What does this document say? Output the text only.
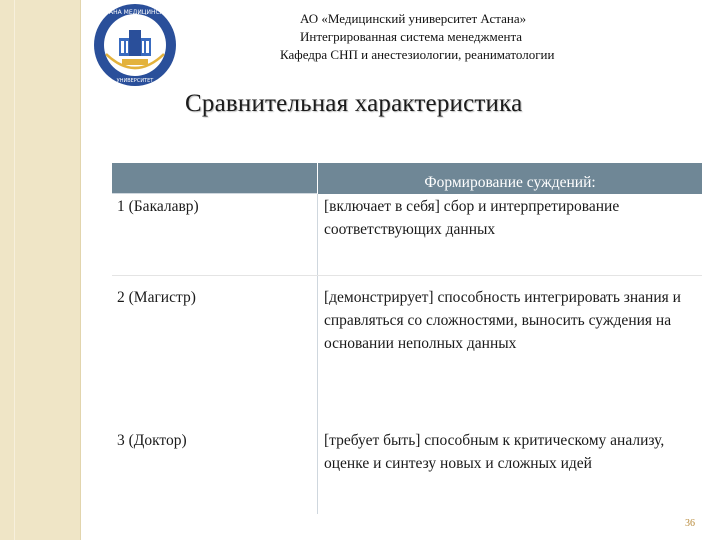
АСТАНА МЕДИЦИНСКИЙ
УНИВЕРСИТЕТ
АО «Медицинский университет Астана»
Интегрированная система менеджмента
Кафедра СНП и анестезиологии, реаниматологии
Сравнительная характеристика
	Формирование суждений:
1 (Бакалавр)	[включает в себя] сбор и интерпретирование соответствующих данных
2 (Магистр)	[демонстрирует] способность интегрировать знания и справляться со сложностями, выносить суждения на основании неполных данных
3 (Доктор)	[требует быть] способным к критическому анализу, оценке и синтезу новых и сложных идей
36
